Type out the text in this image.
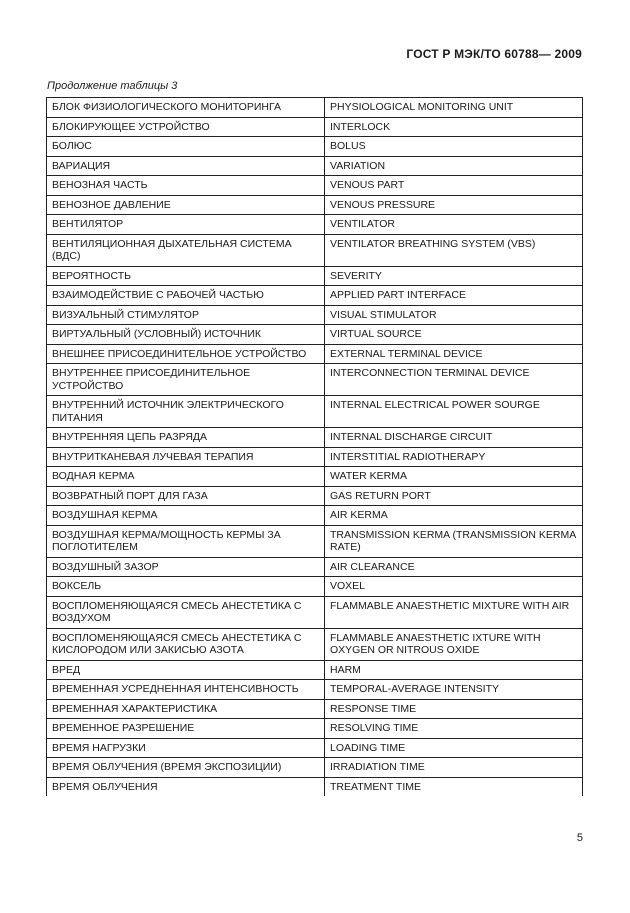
ГОСТ Р МЭК/ТО 60788— 2009
Продолжение таблицы 3
БЛОК ФИЗИОЛОГИЧЕСКОГО МОНИТОРИНГА	PHYSIOLOGICAL MONITORING UNIT
БЛОКИРУЮЩЕЕ УСТРОЙСТВО	INTERLOCK
БОЛЮС	BOLUS
ВАРИАЦИЯ	VARIATION
ВЕНОЗНАЯ ЧАСТЬ	VENOUS PART
ВЕНОЗНОЕ ДАВЛЕНИЕ	VENOUS PRESSURE
ВЕНТИЛЯТОР	VENTILATOR
ВЕНТИЛЯЦИОННАЯ ДЫХАТЕЛЬНАЯ СИСТЕМА (ВДС)	VENTILATOR BREATHING SYSTEM (VBS)
ВЕРОЯТНОСТЬ	SEVERITY
ВЗАИМОДЕЙСТВИЕ С РАБОЧЕЙ ЧАСТЬЮ	APPLIED PART INTERFACE
ВИЗУАЛЬНЫЙ СТИМУЛЯТОР	VISUAL STIMULATOR
ВИРТУАЛЬНЫЙ (УСЛОВНЫЙ) ИСТОЧНИК	VIRTUAL SOURCE
ВНЕШНЕЕ ПРИСОЕДИНИТЕЛЬНОЕ УСТРОЙСТВО	EXTERNAL TERMINAL DEVICE
ВНУТРЕННЕЕ ПРИСОЕДИНИТЕЛЬНОЕ УСТРОЙСТВО	INTERCONNECTION TERMINAL DEVICE
ВНУТРЕННИЙ ИСТОЧНИК ЭЛЕКТРИЧЕСКОГО ПИТАНИЯ	INTERNAL ELECTRICAL POWER SOURGE
ВНУТРЕННЯЯ ЦЕПЬ РАЗРЯДА	INTERNAL DISCHARGE CIRCUIT
ВНУТРИТКАНЕВАЯ ЛУЧЕВАЯ ТЕРАПИЯ	INTERSTITIAL RADIOTHERAPY
ВОДНАЯ КЕРМА	WATER KERMA
ВОЗВРАТНЫЙ ПОРТ ДЛЯ ГАЗА	GAS RETURN PORT
ВОЗДУШНАЯ КЕРМА	AIR KERMA
ВОЗДУШНАЯ КЕРМА/МОЩНОСТЬ КЕРМЫ ЗА ПОГЛОТИТЕЛЕМ	TRANSMISSION KERMA (TRANSMISSION KERMA RATE)
ВОЗДУШНЫЙ ЗАЗОР	AIR CLEARANCE
ВОКСЕЛЬ	VOXEL
ВОСПЛОМЕНЯЮЩАЯСЯ СМЕСЬ АНЕСТЕТИКА С ВОЗДУХОМ	FLAMMABLE ANAESTHETIC MIXTURE WITH AIR
ВОСПЛОМЕНЯЮЩАЯСЯ СМЕСЬ АНЕСТЕТИКА С КИСЛОРОДОМ ИЛИ ЗАКИСЬЮ АЗОТА	FLAMMABLE ANAESTHETIC IXTURE WITH OXYGEN OR NITROUS OXIDE
ВРЕД	HARM
ВРЕМЕННАЯ УСРЕДНЕННАЯ ИНТЕНСИВНОСТЬ	TEMPORAL-AVERAGE INTENSITY
ВРЕМЕННАЯ ХАРАКТЕРИСТИКА	RESPONSE TIME
ВРЕМЕННОЕ РАЗРЕШЕНИЕ	RESOLVING TIME
ВРЕМЯ НАГРУЗКИ	LOADING TIME
ВРЕМЯ ОБЛУЧЕНИЯ (ВРЕМЯ ЭКСПОЗИЦИИ)	IRRADIATION TIME
ВРЕМЯ ОБЛУЧЕНИЯ	TREATMENT TIME
5
